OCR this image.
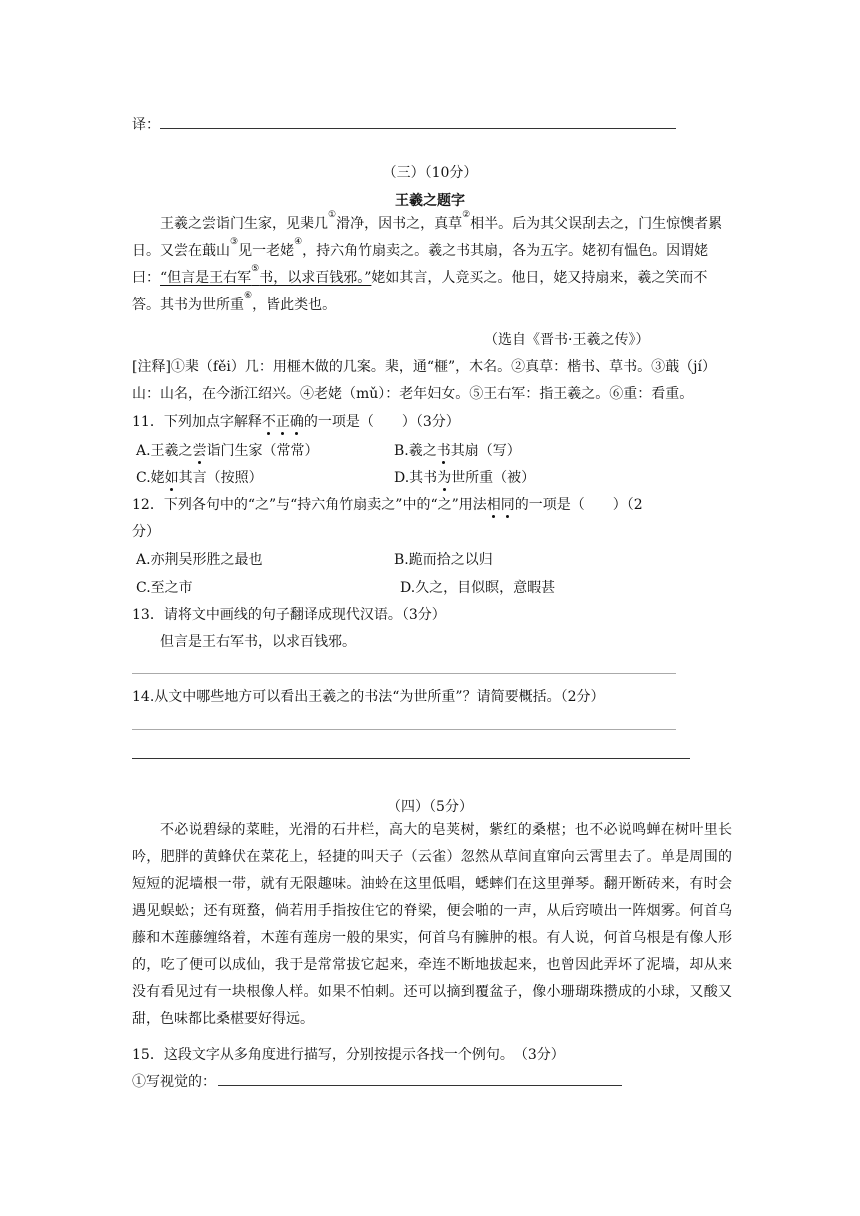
译：
（三）（10分）
王羲之题字
王羲之尝诣门生家，见棐几①滑净，因书之，真草②相半。后为其父误刮去之，门生惊懊者累日。又尝在蕺山③见一老姥④，持六角竹扇卖之。羲之书其扇，各为五字。姥初有愠色。因谓姥曰：“但言是王右军⑤书，以求百钱邪。”姥如其言，人竞买之。他日，姥又持扇来，羲之笑而不答。其书为世所重⑥，皆此类也。
（选自《晋书·王羲之传》）
[注释]①棐（fěi）几：用榧木做的几案。棐，通“榧”，木名。②真草：楷书、草书。③蕺（jí）
山：山名，在今浙江绍兴。④老姥（mǔ）：老年妇女。⑤王右军：指王羲之。⑥重：看重。
11．下列加点字解释不正确的一项是（　　）（3分）
A.王羲之尝诣门生家（常常）	B.羲之书其扇（写）
C.姥如其言（按照）	D.其书为世所重（被）
12．下列各句中的“之”与“持六角竹扇卖之”中的“之”用法相同的一项是（　　）（2
分）
A.亦荆吴形胜之最也	B.跪而拾之以归
C.至之市	D.久之，目似瞑，意暇甚
13．请将文中画线的句子翻译成现代汉语。（3分）
但言是王右军书，以求百钱邪。
14.从文中哪些地方可以看出王羲之的书法“为世所重”？请简要概括。（2分）
（四）（5分）
不必说碧绿的菜畦，光滑的石井栏，高大的皂荚树，紫红的桑椹；也不必说鸣蝉在树叶里长吟，肥胖的黄蜂伏在菜花上，轻捷的叫天子（云雀）忽然从草间直窜向云霄里去了。单是周围的短短的泥墙根一带，就有无限趣味。油蛉在这里低唱，蟋蟀们在这里弹琴。翻开断砖来，有时会遇见蜈蚣；还有斑蝥，倘若用手指按住它的脊梁，便会啪的一声，从后窍喷出一阵烟雾。何首乌藤和木莲藤缠络着，木莲有莲房一般的果实，何首乌有臃肿的根。有人说，何首乌根是有像人形的，吃了便可以成仙，我于是常常拔它起来，牵连不断地拔起来，也曾因此弄坏了泥墙，却从来没有看见过有一块根像人样。如果不怕刺。还可以摘到覆盆子，像小珊瑚珠攒成的小球，又酸又甜，色味都比桑椹要好得远。
15．这段文字从多角度进行描写，分别按提示各找一个例句。　（3分）
①写视觉的：
